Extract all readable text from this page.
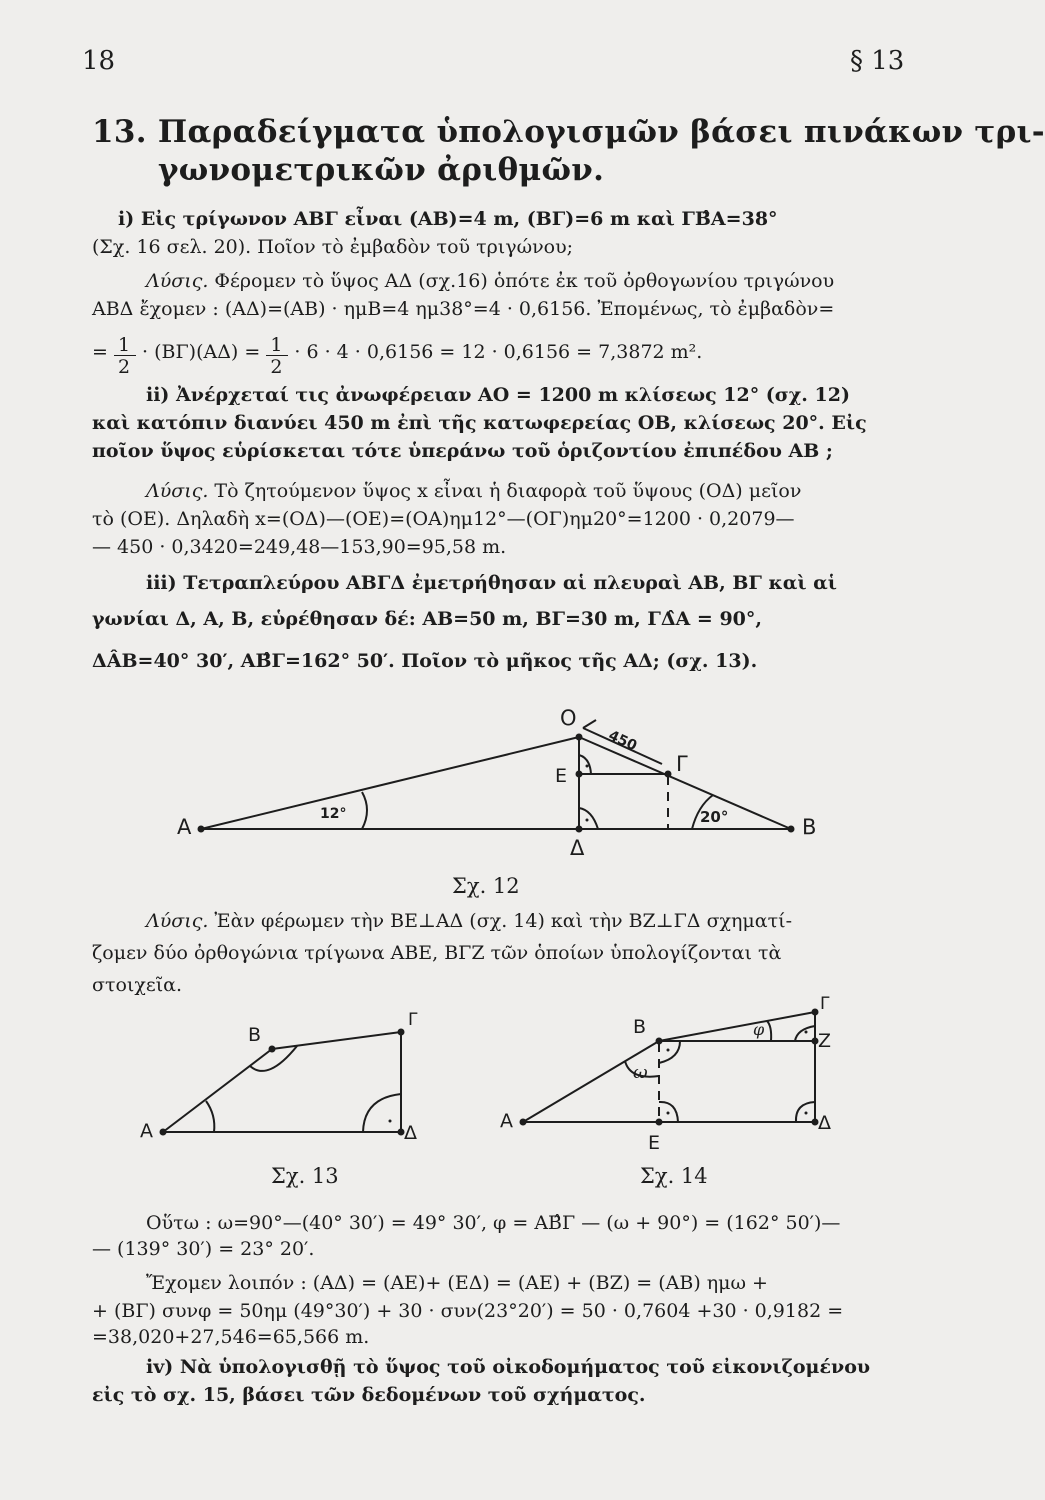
18	§ 13
13. Παραδείγματα ὑπολογισμῶν βάσει πινάκων τρι-
γωνομετρικῶν ἀριθμῶν.
i) Εἰς τρίγωνον ΑΒΓ εἶναι (ΑΒ)=4 m, (ΒΓ)=6 m καὶ ΓΒ̂Α=38°
(Σχ. 16 σελ. 20). Ποῖον τὸ ἐμβαδὸν τοῦ τριγώνου;
Λύσις. Φέρομεν τὸ ὕψος ΑΔ (σχ.16) ὁπότε ἐκ τοῦ ὀρθογωνίου τριγώνου
ΑΒΔ ἔχομεν : (ΑΔ)=(ΑΒ) · ημΒ=4 ημ38°=4 · 0,6156. Ἐπομένως, τὸ ἐμβαδὸν=
=
$\frac{1}{2}$
· (ΒΓ)(ΑΔ) =
$\frac{1}{2}$
· 6 · 4 · 0,6156 = 12 · 0,6156 = 7,3872 m².
ii) Ἀνέρχεταί τις ἀνωφέρειαν ΑΟ = 1200 m κλίσεως 12° (σχ. 12)
καὶ κατόπιν διανύει 450 m ἐπὶ τῆς κατωφερείας ΟΒ, κλίσεως 20°. Εἰς
ποῖον ὕψος εὑρίσκεται τότε ὑπεράνω τοῦ ὁριζοντίου ἐπιπέδου ΑΒ ;
Λύσις. Τὸ ζητούμενον ὕψος x εἶναι ἡ διαφορὰ τοῦ ὕψους (ΟΔ) μεῖον
τὸ (ΟΕ). Δηλαδὴ x=(ΟΔ)—(ΟΕ)=(ΟΑ)ημ12°—(ΟΓ)ημ20°=1200 · 0,2079—
— 450 · 0,3420=249,48—153,90=95,58 m.
iii) Τετραπλεύρου ΑΒΓΔ ἐμετρήθησαν αἱ πλευραὶ ΑΒ, ΒΓ καὶ αἱ
γωνίαι Δ, Α, Β, εὑρέθησαν δέ: ΑΒ=50 m, ΒΓ=30 m, ΓΔ̂Α = 90°,
ΔÂΒ=40° 30′, ΑΒ̂Γ=162° 50′. Ποῖον τὸ μῆκος τῆς ΑΔ; (σχ. 13).
Ο
Ε	Γ
Α	Β
Δ
12°	20°
450
Σχ. 12
Λύσις. Ἐὰν φέρωμεν τὴν ΒΕ⊥ΑΔ (σχ. 14) καὶ τὴν ΒΖ⊥ΓΔ σχηματί-
ζομεν δύο ὀρθογώνια τρίγωνα ΑΒΕ, ΒΓΖ τῶν ὁποίων ὑπολογίζονται τὰ
στοιχεῖα.
Β
Γ
Α	Δ
Σχ. 13
Β
Γ
Ζ
Α
Ε
Δ
φ
ω
Σχ. 14
Οὕτω : ω=90°—(40° 30′) = 49° 30′, φ = ΑΒ̂Γ — (ω + 90°) = (162° 50′)—
— (139° 30′) = 23° 20′.
Ἔχομεν λοιπόν : (ΑΔ) = (ΑΕ)+ (ΕΔ) = (ΑΕ) + (ΒΖ) = (ΑΒ) ημω +
+ (ΒΓ) συνφ = 50ημ (49°30′) + 30 · συν(23°20′) = 50 · 0,7604 +30 · 0,9182 =
=38,020+27,546=65,566 m.
iv) Νὰ ὑπολογισθῇ τὸ ὕψος τοῦ οἰκοδομήματος τοῦ εἰκονιζομένου
εἰς τὸ σχ. 15, βάσει τῶν δεδομένων τοῦ σχήματος.
